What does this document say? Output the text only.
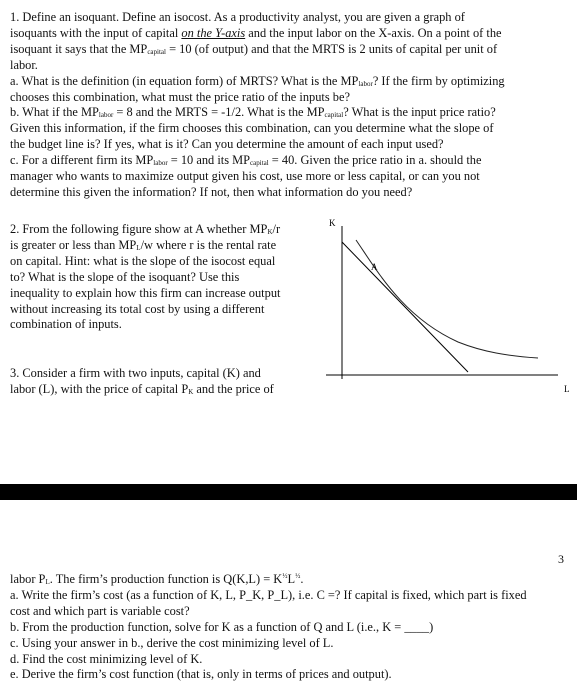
1. Define an isoquant. Define an isocost. As a productivity analyst, you are given a graph of

isoquants with the input of capital on the Y-axis and the input labor on the X-axis. On a point of the

isoquant it says that the $MP_{capital} = 10$ (of output) and that the MRTS is 2 units of capital per unit of

labor.

a. What is the definition (in equation form) of MRTS? What is the $MP_{labor}$? If the firm by optimizing

chooses this combination, what must the price ratio of the inputs be?

b. What if the $MP_{labor} = 8$ and the MRTS = -1/2. What is the $MP_{capital}$? What is the input price ratio?

Given this information, if the firm chooses this combination, can you determine what the slope of

the budget line is? If yes, what is it? Can you determine the amount of each input used?

c. For a different firm its $MP_{labor} = 10$ and its $MP_{capital} = 40$. Given the price ratio in a. should the

manager who wants to maximize output given his cost, use more or less capital, or can you not

determine this given the information? If not, then what information do you need?

2. From the following figure show at A whether $MP_K/r$

is greater or less than $MP_L/w$ where r is the rental rate

on capital. Hint: what is the slope of the isocost equal

to? What is the slope of the isoquant? Use this

inequality to explain how this firm can increase output

without increasing its total cost by using a different

combination of inputs.

3. Consider a firm with two inputs, capital (K) and

labor (L), with the price of capital $P_K$ and the price of

K
L
A
3

labor $P_L$. The firm’s production function is $Q(K,L) = K^{\frac{1}{2}}L^{\frac{1}{2}}$.

a. Write the firm’s cost (as a function of K, L, P_K, P_L), i.e. C =? If capital is fixed, which part is fixed

cost and which part is variable cost?

b. From the production function, solve for K as a function of Q and L (i.e., K = ____)

c. Using your answer in b., derive the cost minimizing level of L.

d. Find the cost minimizing level of K.

e. Derive the firm’s cost function (that is, only in terms of prices and output).
